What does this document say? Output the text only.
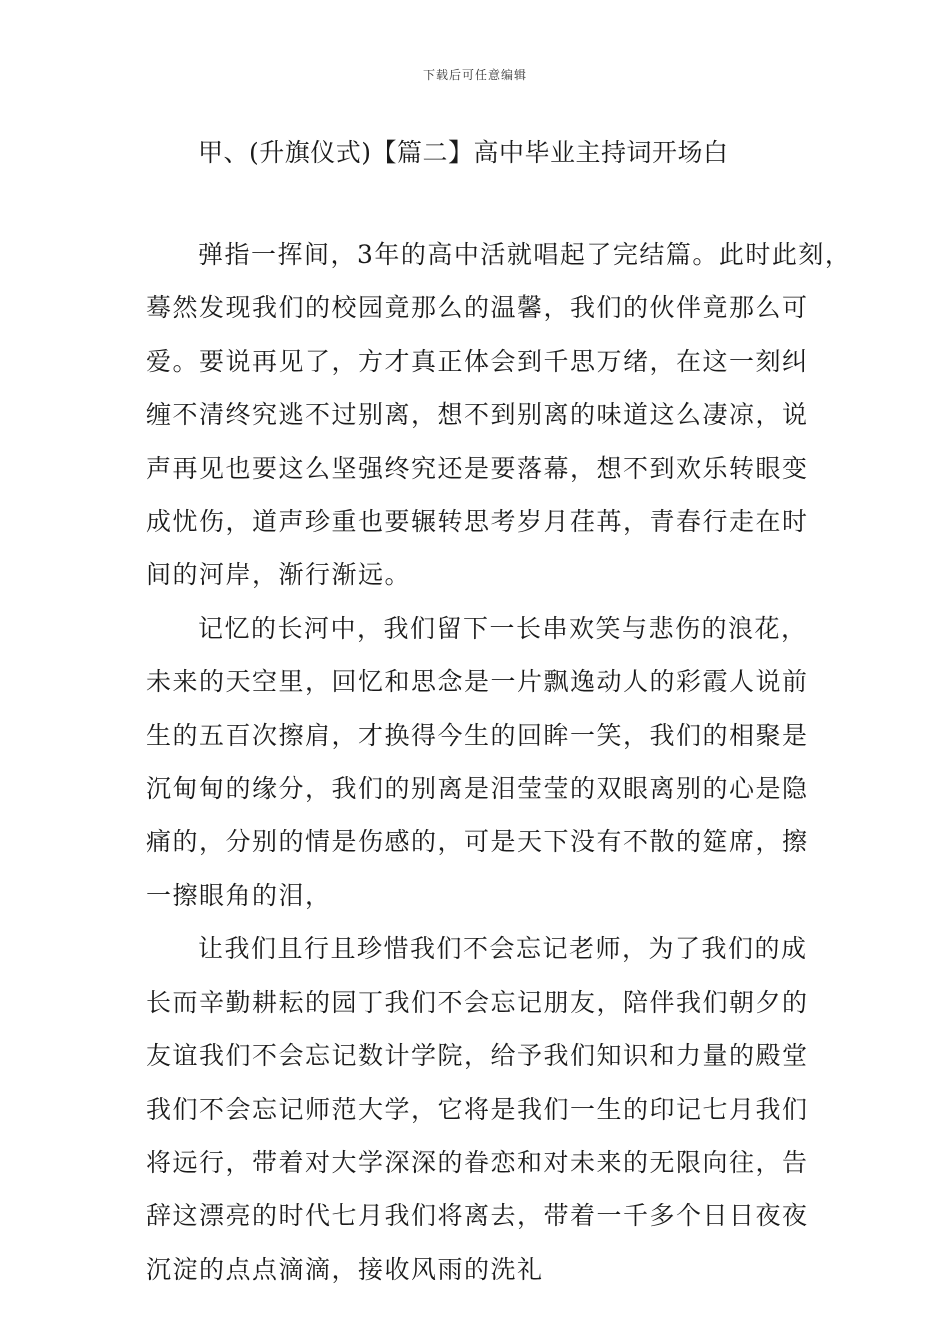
下载后可任意编辑
甲、(升旗仪式)【篇二】高中毕业主持词开场白

弹指一挥间，3年的高中活就唱起了完结篇。此时此刻，
蓦然发现我们的校园竟那么的温馨，我们的伙伴竟那么可
爱。要说再见了，方才真正体会到千思万绪，在这一刻纠
缠不清终究逃不过别离，想不到别离的味道这么凄凉，说
声再见也要这么坚强终究还是要落幕，想不到欢乐转眼变
成忧伤，道声珍重也要辗转思考岁月荏苒，青春行走在时
间的河岸，渐行渐远。

记忆的长河中，我们留下一长串欢笑与悲伤的浪花，
未来的天空里，回忆和思念是一片飘逸动人的彩霞人说前
生的五百次擦肩，才换得今生的回眸一笑，我们的相聚是
沉甸甸的缘分，我们的别离是泪莹莹的双眼离别的心是隐
痛的，分别的情是伤感的，可是天下没有不散的筵席，擦
一擦眼角的泪，

让我们且行且珍惜我们不会忘记老师，为了我们的成
长而辛勤耕耘的园丁我们不会忘记朋友，陪伴我们朝夕的
友谊我们不会忘记数计学院，给予我们知识和力量的殿堂
我们不会忘记师范大学，它将是我们一生的印记七月我们
将远行，带着对大学深深的眷恋和对未来的无限向往，告
辞这漂亮的时代七月我们将离去，带着一千多个日日夜夜
沉淀的点点滴滴，接收风雨的洗礼
